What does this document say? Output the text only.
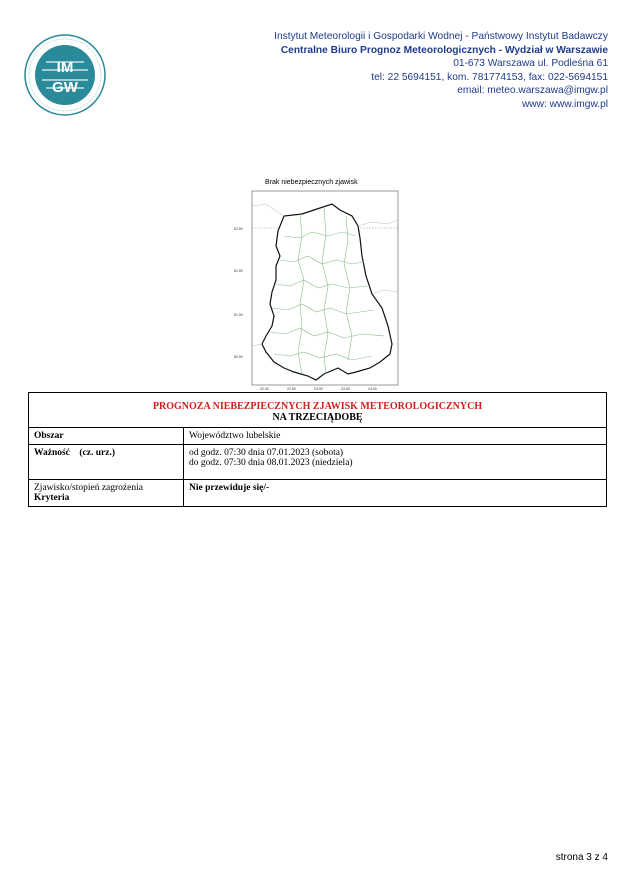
IM
GW
Instytut Meteorologii i Gospodarki Wodnej - Państwowy Instytut Badawczy
Centralne Biuro Prognoz Meteorologicznych - Wydział w Warszawie
01-673 Warszawa ul. Podleśna 61
tel: 22 5694151, kom. 781774153, fax: 022-5694151
email: meteo.warszawa@imgw.pl
www: www.imgw.pl
Brak niebezpiecznych zjawisk
52.50
51.50
51.00
50.50
22.00	22.50	23.00	23.50	24.00
PROGNOZA NIEBEZPIECZNYCH ZJAWISK METEOROLOGICZNYCH
NA TRZECIĄDOBĘ	

Obszar	Województwo lubelskie
Ważność    (cz. urz.)	od godz. 07:30 dnia 07.01.2023 (sobota)
do godz. 07:30 dnia 08.01.2023 (niedziela)

Zjawisko/stopień zagrożenia
Kryteria	Nie przewiduje się/-
strona 3 z 4
